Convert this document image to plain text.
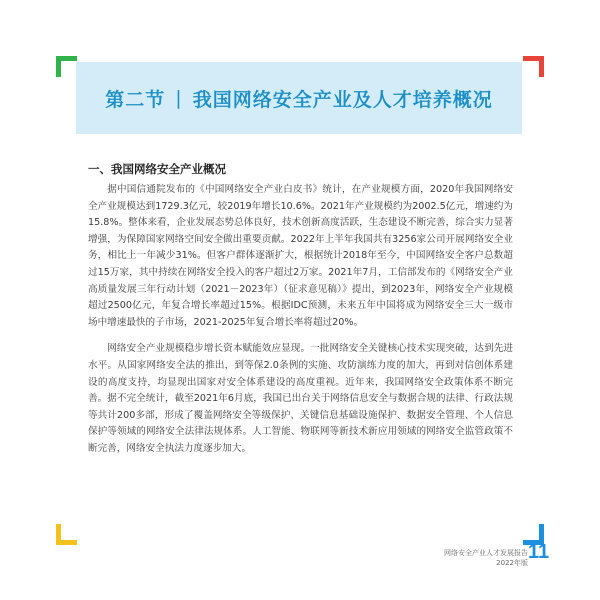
第二节 | 我国网络安全产业及人才培养概况
一、我国网络安全产业概况

据中国信通院发布的《中国网络安全产业白皮书》统计，在产业规模方面，2020年我国网络安全产业规模达到1729.3亿元，较2019年增长10.6%。2021年产业规模约为2002.5亿元，增速约为15.8%。整体来看，企业发展态势总体良好，技术创新高度活跃，生态建设不断完善，综合实力显著增强，为保障国家网络空间安全做出重要贡献。2022年上半年我国共有3256家公司开展网络安全业务，相比上一年减少31%。但客户群体逐渐扩大，根据统计2018年至今，中国网络安全客户总数超过15万家，其中持续在网络安全投入的客户超过2万家。2021年7月，工信部发布的《网络安全产业高质量发展三年行动计划（2021－2023年）（征求意见稿）》提出，到2023年，网络安全产业规模超过2500亿元，年复合增长率超过15%。根据IDC预测，未来五年中国将成为网络安全三大一级市场中增速最快的子市场，2021-2025年复合增长率将超过20%。

网络安全产业规模稳步增长资本赋能效应显现。一批网络安全关键核心技术实现突破，达到先进水平。从国家网络安全法的推出，到等保2.0条例的实施、攻防演练力度的加大，再到对信创体系建设的高度支持，均显现出国家对安全体系建设的高度重视。近年来，我国网络安全政策体系不断完善。据不完全统计，截至2021年6月底，我国已出台关于网络信息安全与数据合规的法律、行政法规等共计200多部，形成了覆盖网络安全等级保护、关键信息基础设施保护、数据安全管理、个人信息保护等领域的网络安全法律法规体系。人工智能、物联网等新技术新应用领域的网络安全监管政策不断完善，网络安全执法力度逐步加大。

网络安全产业人才发展报告
2022年版 11
